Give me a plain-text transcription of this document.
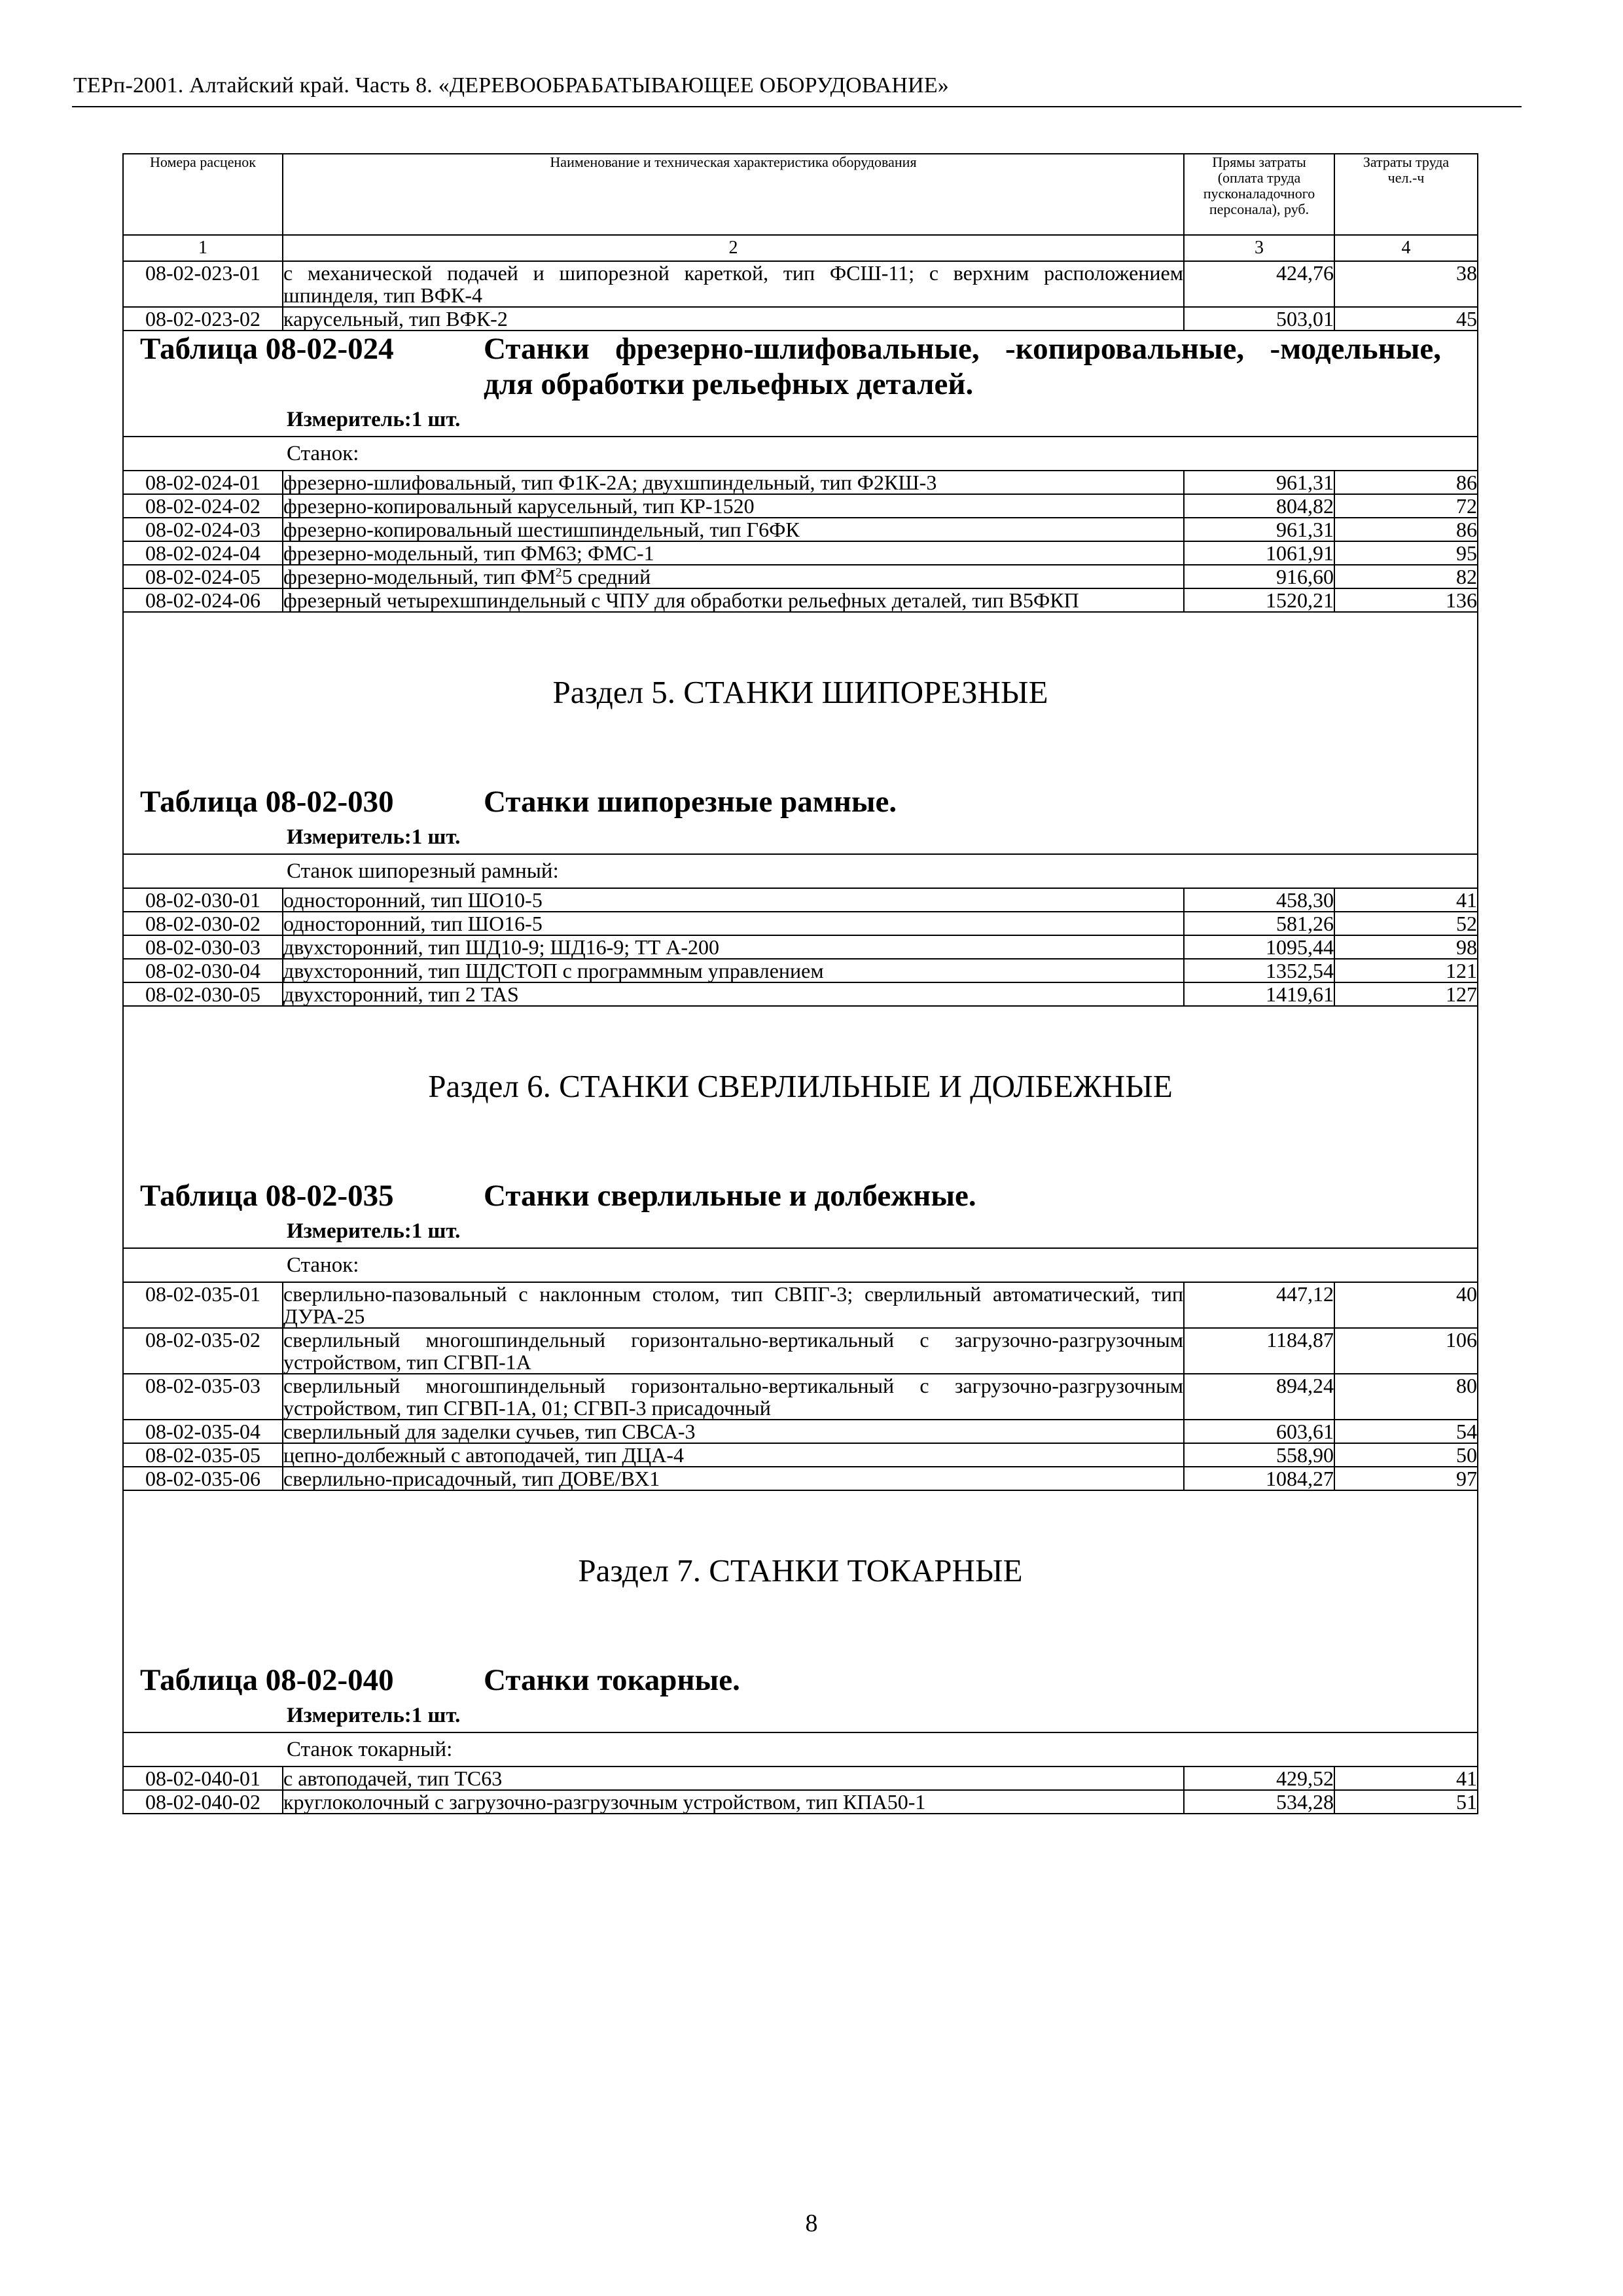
ТЕРп-2001. Алтайский край. Часть 8. «ДЕРЕВООБРАБАТЫВАЮЩЕЕ ОБОРУДОВАНИЕ»
Номера расценок	Наименование и техническая характеристика оборудования	Прямы затраты (оплата труда пусконаладочного персонала), руб.	Затраты труда чел.-ч
1	2	3	4
08-02-023-01	с механической подачей и шипорезной кареткой, тип ФСШ-11; с верхним расположением шпинделя, тип ВФК-4	424,76	38
08-02-023-02	карусельный, тип ВФК-2	503,01	45

Таблица 08-02-024 Станки фрезерно-шлифовальные, -копировальные, -модельные, для обработки рельефных деталей.
Измеритель:1 шт.			

Станок:			
08-02-024-01	фрезерно-шлифовальный, тип Ф1К-2А; двухшпиндельный, тип Ф2КШ-3	961,31	86
08-02-024-02	фрезерно-копировальный карусельный, тип КР-1520	804,82	72
08-02-024-03	фрезерно-копировальный шестишпиндельный, тип Г6ФК	961,31	86
08-02-024-04	фрезерно-модельный, тип ФМ63; ФМС-1	1061,91	95
08-02-024-05	фрезерно-модельный, тип $ФМ^25$ средний	916,60	82
08-02-024-06	фрезерный четырехшпиндельный с ЧПУ для обработки рельефных деталей, тип В5ФКП	1520,21	136
Раздел 5. СТАНКИ ШИПОРЕЗНЫЕ			

Таблица 08-02-030 Станки шипорезные рамные.
Измеритель:1 шт.			

Станок шипорезный рамный:			
08-02-030-01	односторонний, тип ШО10-5	458,30	41
08-02-030-02	односторонний, тип ШО16-5	581,26	52
08-02-030-03	двухсторонний, тип ШД10-9; ШД16-9; ТТ А-200	1095,44	98
08-02-030-04	двухсторонний, тип ШДСТОП с программным управлением	1352,54	121
08-02-030-05	двухсторонний, тип 2 TAS	1419,61	127
Раздел 6. СТАНКИ СВЕРЛИЛЬНЫЕ И ДОЛБЕЖНЫЕ			

Таблица 08-02-035 Станки сверлильные и долбежные.
Измеритель:1 шт.			

Станок:			
08-02-035-01	сверлильно-пазовальный с наклонным столом, тип СВПГ-3; сверлильный автоматический, тип ДУРА-25	447,12	40
08-02-035-02	сверлильный многошпиндельный горизонтально-вертикальный с загрузочно-разгрузочным устройством, тип СГВП-1А	1184,87	106
08-02-035-03	сверлильный многошпиндельный горизонтально-вертикальный с загрузочно-разгрузочным устройством, тип СГВП-1А, 01; СГВП-3 присадочный	894,24	80
08-02-035-04	сверлильный для заделки сучьев, тип СВСА-3	603,61	54
08-02-035-05	цепно-долбежный с автоподачей, тип ДЦА-4	558,90	50
08-02-035-06	сверлильно-присадочный, тип ДОВЕ/ВХ1	1084,27	97
Раздел 7. СТАНКИ ТОКАРНЫЕ			

Таблица 08-02-040 Станки токарные.
Измеритель:1 шт.			

Станок токарный:			
08-02-040-01	с автоподачей, тип ТС63	429,52	41
08-02-040-02	круглоколочный с загрузочно-разгрузочным устройством, тип КПА50-1	534,28	51
8
